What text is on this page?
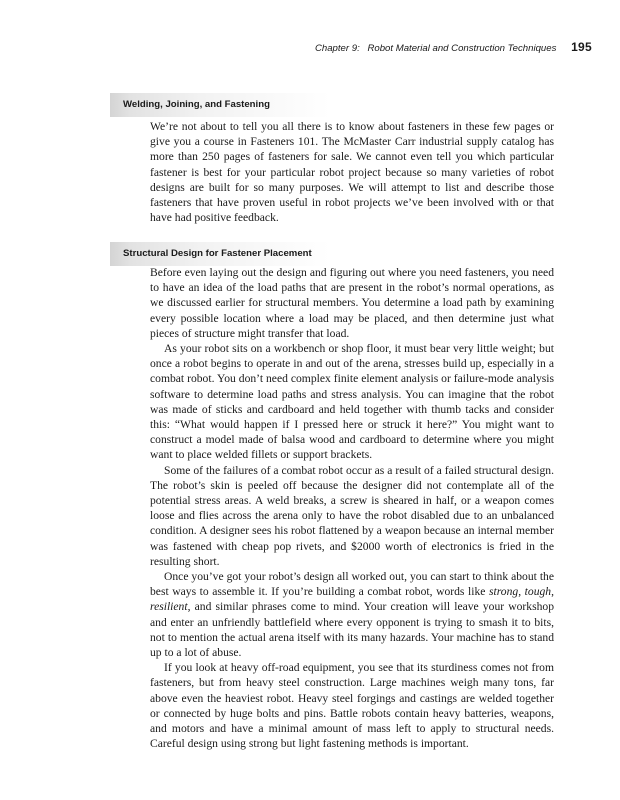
Chapter 9: Robot Material and Construction Techniques 195
Welding, Joining, and Fastening

We’re not about to tell you all there is to know about fasteners in these few pages or give you a course in Fasteners 101. The McMaster Carr industrial supply catalog has more than 250 pages of fasteners for sale. We cannot even tell you which particular fastener is best for your particular robot project because so many varieties of robot designs are built for so many purposes. We will attempt to list and describe those fasteners that have proven useful in robot projects we’ve been involved with or that have had positive feedback.

Structural Design for Fastener Placement

Before even laying out the design and figuring out where you need fasteners, you need to have an idea of the load paths that are present in the robot’s normal operations, as we discussed earlier for structural members. You determine a load path by examining every possible location where a load may be placed, and then determine just what pieces of structure might transfer that load.

As your robot sits on a workbench or shop floor, it must bear very little weight; but once a robot begins to operate in and out of the arena, stresses build up, especially in a combat robot. You don’t need complex finite element analysis or failure-mode analysis software to determine load paths and stress analysis. You can imagine that the robot was made of sticks and cardboard and held together with thumb tacks and consider this: “What would happen if I pressed here or struck it here?” You might want to construct a model made of balsa wood and cardboard to determine where you might want to place welded fillets or support brackets.

Some of the failures of a combat robot occur as a result of a failed structural design. The robot’s skin is peeled off because the designer did not contemplate all of the potential stress areas. A weld breaks, a screw is sheared in half, or a weapon comes loose and flies across the arena only to have the robot disabled due to an unbalanced condition. A designer sees his robot flattened by a weapon because an internal member was fastened with cheap pop rivets, and $2000 worth of electronics is fried in the resulting short.

Once you’ve got your robot’s design all worked out, you can start to think about the best ways to assemble it. If you’re building a combat robot, words like strong, tough, resilient, and similar phrases come to mind. Your creation will leave your workshop and enter an unfriendly battlefield where every opponent is trying to smash it to bits, not to mention the actual arena itself with its many hazards. Your machine has to stand up to a lot of abuse.

If you look at heavy off-road equipment, you see that its sturdiness comes not from fasteners, but from heavy steel construction. Large machines weigh many tons, far above even the heaviest robot. Heavy steel forgings and castings are welded together or connected by huge bolts and pins. Battle robots contain heavy batteries, weapons, and motors and have a minimal amount of mass left to apply to structural needs. Careful design using strong but light fastening methods is important.
